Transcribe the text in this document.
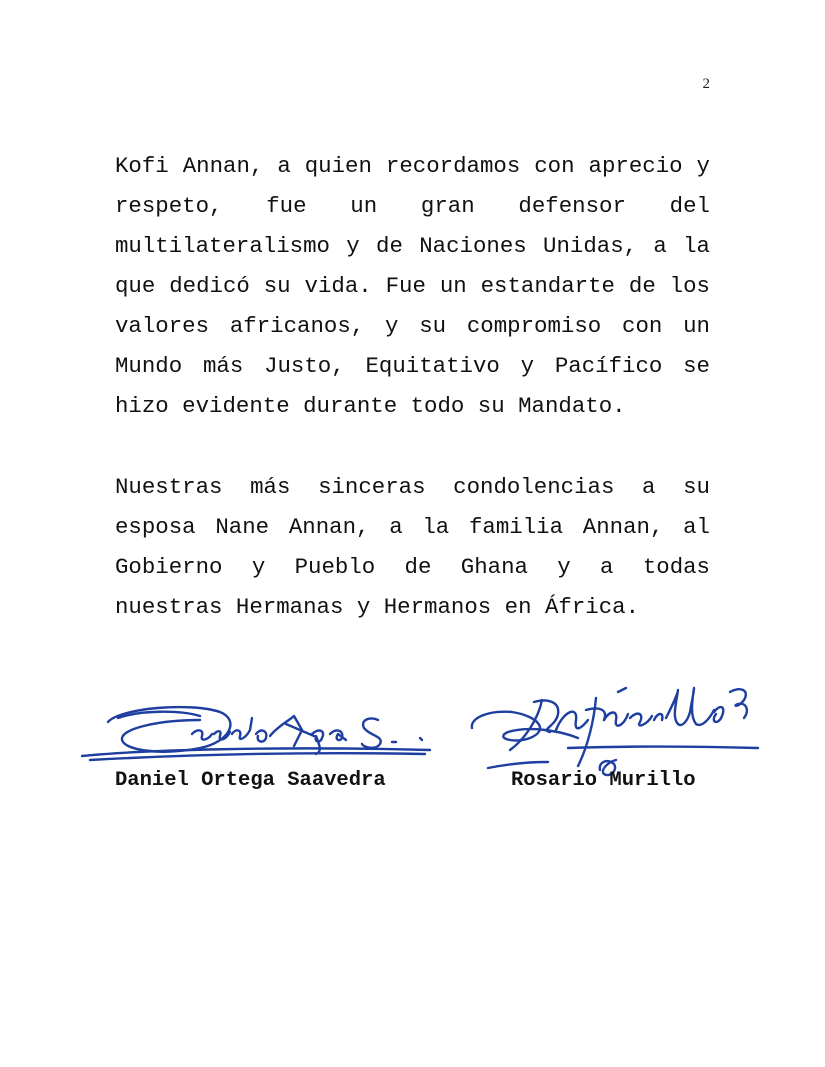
2

Kofi Annan, a quien recordamos con aprecio y respeto, fue un gran defensor del multilateralismo y de Naciones Unidas, a la que dedicó su vida. Fue un estandarte de los valores africanos, y su compromiso con un Mundo más Justo, Equitativo y Pacífico se hizo evidente durante todo su Mandato.

Nuestras más sinceras condolencias a su esposa Nane Annan, a la familia Annan, al Gobierno y Pueblo de Ghana y a todas nuestras Hermanas y Hermanos en África.

Daniel Ortega Saavedra	Rosario Murillo
